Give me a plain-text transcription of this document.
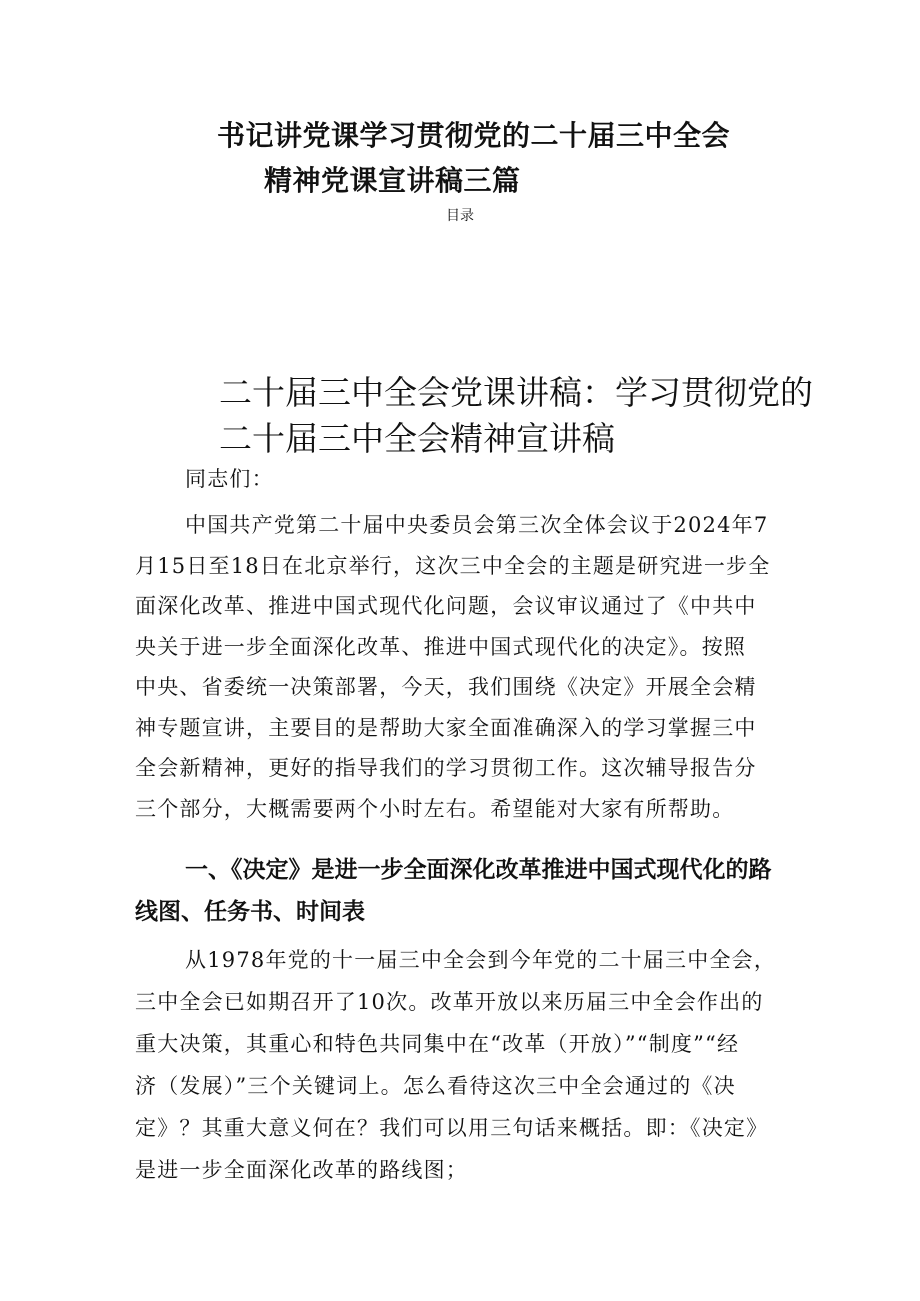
书记讲党课学习贯彻党的二十届三中全会
精神党课宣讲稿三篇
目录
二十届三中全会党课讲稿：学习贯彻党的
二十届三中全会精神宣讲稿

同志们：

中国共产党第二十届中央委员会第三次全体会议于2024年7

月15日至18日在北京举行，这次三中全会的主题是研究进一步全

面深化改革、推进中国式现代化问题，会议审议通过了《中共中

央关于进一步全面深化改革、推进中国式现代化的决定》。按照

中央、省委统一决策部署，今天，我们围绕《决定》开展全会精

神专题宣讲，主要目的是帮助大家全面准确深入的学习掌握三中

全会新精神，更好的指导我们的学习贯彻工作。这次辅导报告分

三个部分，大概需要两个小时左右。希望能对大家有所帮助。

一、《决定》是进一步全面深化改革推进中国式现代化的路
线图、任务书、时间表

从1978年党的十一届三中全会到今年党的二十届三中全会，

三中全会已如期召开了10次。改革开放以来历届三中全会作出的

重大决策，其重心和特色共同集中在“改革（开放）”“制度”“经

济（发展）”三个关键词上。怎么看待这次三中全会通过的《决

定》？其重大意义何在？我们可以用三句话来概括。即：《决定》

是进一步全面深化改革的路线图；
